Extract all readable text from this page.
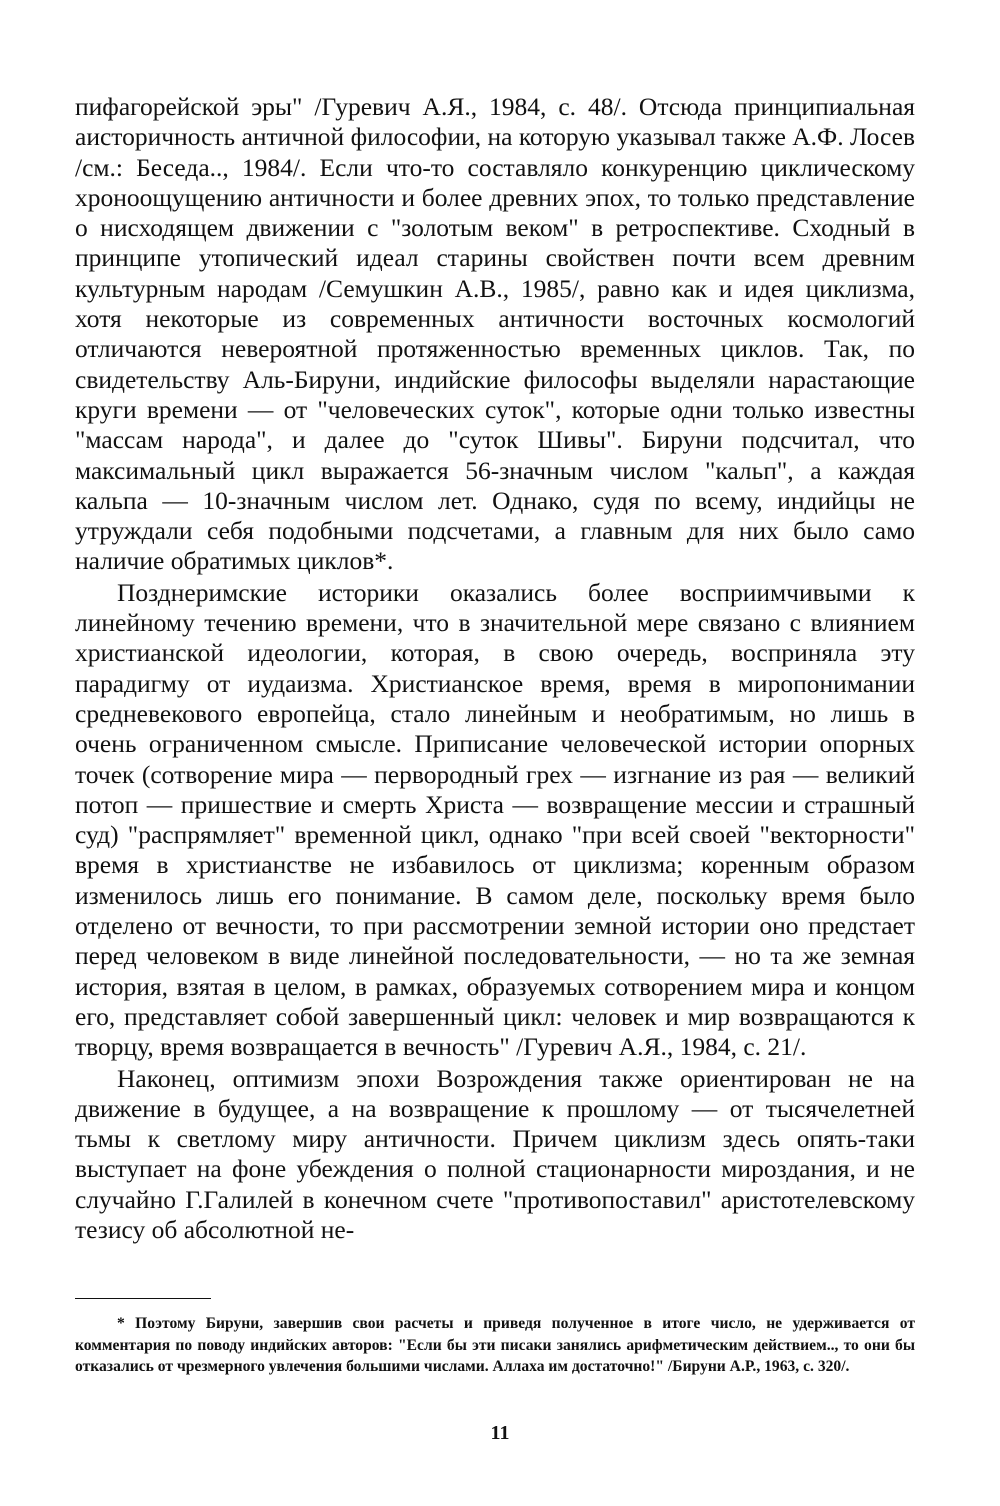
пифагорейской эры" /Гуревич А.Я., 1984, с. 48/. Отсюда принципиальная аисторичность античной философии, на которую указывал также А.Ф. Лосев /см.: Беседа.., 1984/. Если что-то составляло конкуренцию циклическому хроноощущению античности и более древних эпох, то только представление о нисходящем движении с "золотым веком" в ретроспективе. Сходный в принципе утопический идеал старины свойствен почти всем древним культурным народам /Семушкин А.В., 1985/, равно как и идея циклизма, хотя некоторые из современных античности восточных космологий отличаются невероятной протяженностью временных циклов. Так, по свидетельству Аль-Бируни, индийские философы выделяли нарастающие круги времени — от "человеческих суток", которые одни только известны "массам народа", и далее до "суток Шивы". Бируни подсчитал, что максимальный цикл выражается 56-значным числом "кальп", а каждая кальпа — 10-значным числом лет. Однако, судя по всему, индийцы не утруждали себя подобными подсчетами, а главным для них было само наличие обратимых циклов*.

Позднеримские историки оказались более восприимчивыми к линейному течению времени, что в значительной мере связано с влиянием христианской идеологии, которая, в свою очередь, восприняла эту парадигму от иудаизма. Христианское время, время в миропонимании средневекового европейца, стало линейным и необратимым, но лишь в очень ограниченном смысле. Приписание человеческой истории опорных точек (сотворение мира — первородный грех — изгнание из рая — великий потоп — пришествие и смерть Христа — возвращение мессии и страшный суд) "распрямляет" временной цикл, однако "при всей своей "векторности" время в христианстве не избавилось от циклизма; коренным образом изменилось лишь его понимание. В самом деле, поскольку время было отделено от вечности, то при рассмотрении земной истории оно предстает перед человеком в виде линейной последовательности, — но та же земная история, взятая в целом, в рамках, образуемых сотворением мира и концом его, представляет собой завершенный цикл: человек и мир возвращаются к творцу, время возвращается в вечность" /Гуревич А.Я., 1984, с. 21/.

Наконец, оптимизм эпохи Возрождения также ориентирован не на движение в будущее, а на возвращение к прошлому — от тысячелетней тьмы к светлому миру античности. Причем циклизм здесь опять-таки выступает на фоне убеждения о полной стационарности мироздания, и не случайно Г.Галилей в конечном счете "противопоставил" аристотелевскому тезису об абсолютной не-

* Поэтому Бируни, завершив свои расчеты и приведя полученное в итоге число, не удерживается от комментария по поводу индийских авторов: "Если бы эти писаки занялись арифметическим действием.., то они бы отказались от чрезмерного увлечения большими числами. Аллаха им достаточно!" /Бируни А.Р., 1963, с. 320/.

11
